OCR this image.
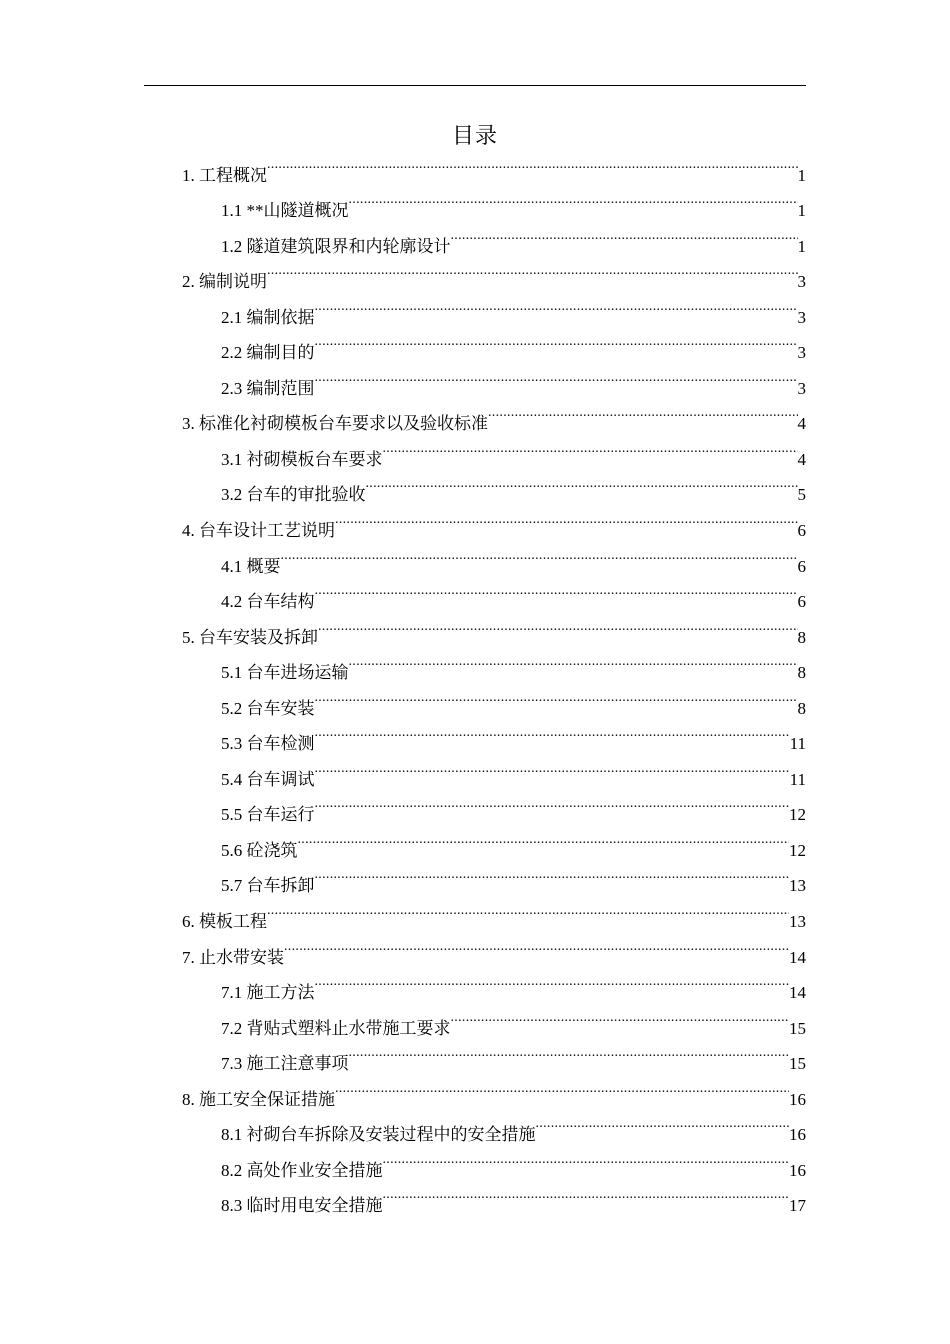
目录
1. 工程概况 .....	1
1.1 **山隧道概况 .....	1
1.2 隧道建筑限界和内轮廓设计 .....	1
2. 编制说明 .....	3
2.1 编制依据 .....	3
2.2 编制目的 .....	3
2.3 编制范围 .....	3
3. 标准化衬砌模板台车要求以及验收标准 .....	4
3.1 衬砌模板台车要求 .....	4
3.2 台车的审批验收 .....	5
4. 台车设计工艺说明 .....	6
4.1 概要 .....	6
4.2 台车结构 .....	6
5. 台车安装及拆卸 .....	8
5.1 台车进场运输 .....	8
5.2 台车安装 .....	8
5.3 台车检测 .....	11
5.4 台车调试 .....	11
5.5 台车运行 .....	12
5.6 砼浇筑 .....	12
5.7 台车拆卸 .....	13
6. 模板工程 .....	13
7. 止水带安装 .....	14
7.1 施工方法 .....	14
7.2 背贴式塑料止水带施工要求 .....	15
7.3 施工注意事项 .....	15
8. 施工安全保证措施 .....	16
8.1 衬砌台车拆除及安装过程中的安全措施 .....	16
8.2 高处作业安全措施 .....	16
8.3 临时用电安全措施 .....	17
